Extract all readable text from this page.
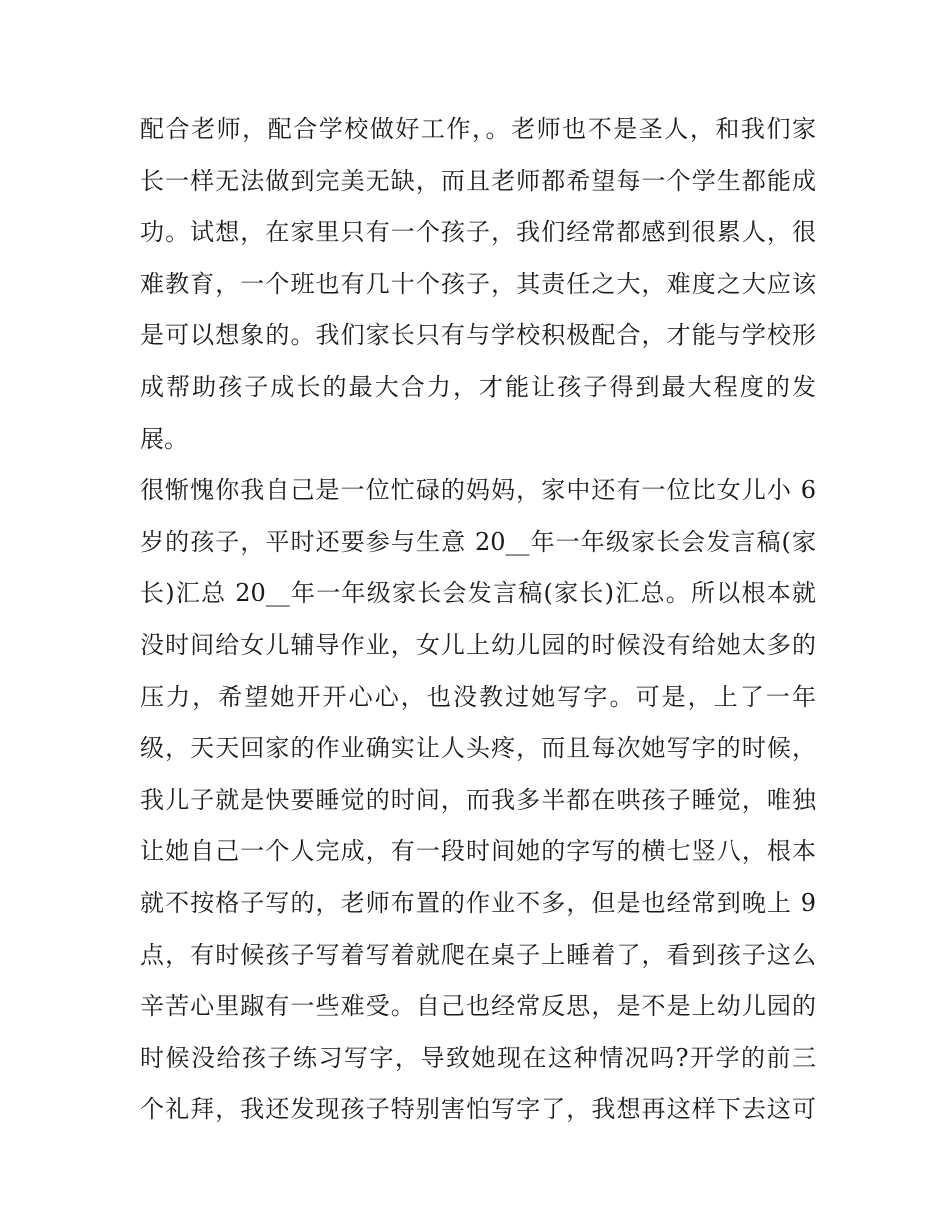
配合老师，配合学校做好工作，。老师也不是圣人，和我们家
长一样无法做到完美无缺，而且老师都希望每一个学生都能成
功。试想，在家里只有一个孩子，我们经常都感到很累人，很
难教育，一个班也有几十个孩子，其责任之大，难度之大应该
是可以想象的。我们家长只有与学校积极配合，才能与学校形
成帮助孩子成长的最大合力，才能让孩子得到最大程度的发
展。
很惭愧你我自己是一位忙碌的妈妈，家中还有一位比女儿小 6
岁的孩子，平时还要参与生意 20__年一年级家长会发言稿(家
长)汇总 20__年一年级家长会发言稿(家长)汇总。所以根本就
没时间给女儿辅导作业，女儿上幼儿园的时候没有给她太多的
压力，希望她开开心心，也没教过她写字。可是，上了一年
级，天天回家的作业确实让人头疼，而且每次她写字的时候，
我儿子就是快要睡觉的时间，而我多半都在哄孩子睡觉，唯独
让她自己一个人完成，有一段时间她的字写的横七竖八，根本
就不按格子写的，老师布置的作业不多，但是也经常到晚上 9
点，有时候孩子写着写着就爬在桌子上睡着了，看到孩子这么
辛苦心里踧有一些难受。自己也经常反思，是不是上幼儿园的
时候没给孩子练习写字，导致她现在这种情况吗?开学的前三
个礼拜，我还发现孩子特别害怕写字了，我想再这样下去这可
